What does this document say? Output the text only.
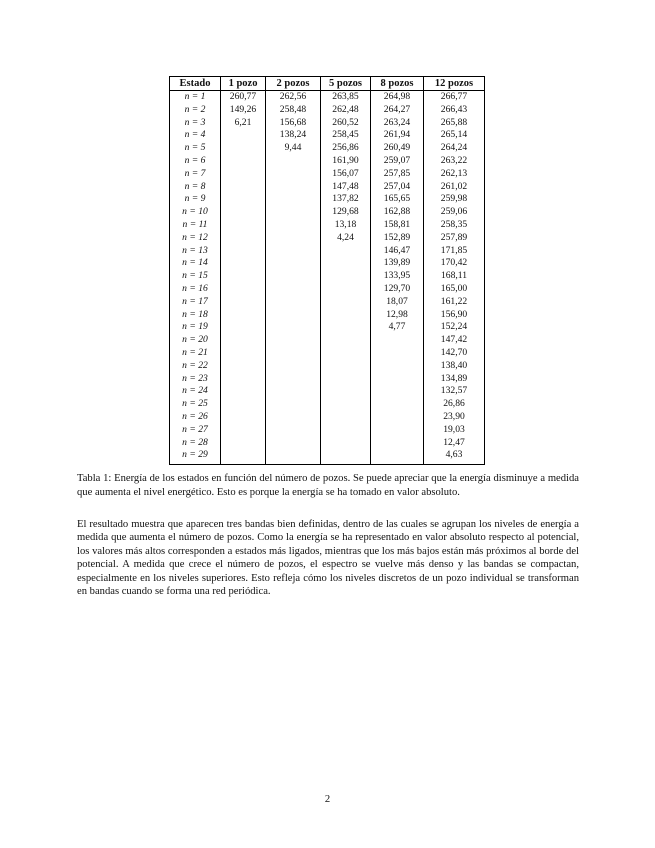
Estado	1 pozo	2 pozos	5 pozos	8 pozos	12 pozos
n = 1	260,77	262,56	263,85	264,98	266,77
n = 2	149,26	258,48	262,48	264,27	266,43
n = 3	6,21	156,68	260,52	263,24	265,88
n = 4		138,24	258,45	261,94	265,14
n = 5		9,44	256,86	260,49	264,24
n = 6			161,90	259,07	263,22
n = 7			156,07	257,85	262,13
n = 8			147,48	257,04	261,02
n = 9			137,82	165,65	259,98
n = 10			129,68	162,88	259,06
n = 11			13,18	158,81	258,35
n = 12			4,24	152,89	257,89
n = 13				146,47	171,85
n = 14				139,89	170,42
n = 15				133,95	168,11
n = 16				129,70	165,00
n = 17				18,07	161,22
n = 18				12,98	156,90
n = 19				4,77	152,24
n = 20					147,42
n = 21					142,70
n = 22					138,40
n = 23					134,89
n = 24					132,57
n = 25					26,86
n = 26					23,90
n = 27					19,03
n = 28					12,47
n = 29					4,63
Tabla 1: Energía de los estados en función del número de pozos. Se puede apreciar que la energía disminuye a medida que aumenta el nivel energético. Esto es porque la energía se ha tomado en valor absoluto.
El resultado muestra que aparecen tres bandas bien definidas, dentro de las cuales se agrupan los niveles de energía a medida que aumenta el número de pozos. Como la energía se ha representado en valor absoluto respecto al potencial, los valores más altos corresponden a estados más ligados, mientras que los más bajos están más próximos al borde del potencial. A medida que crece el número de pozos, el espectro se vuelve más denso y las bandas se compactan, especialmente en los niveles superiores. Esto refleja cómo los niveles discretos de un pozo individual se transforman en bandas cuando se forma una red periódica.
2
